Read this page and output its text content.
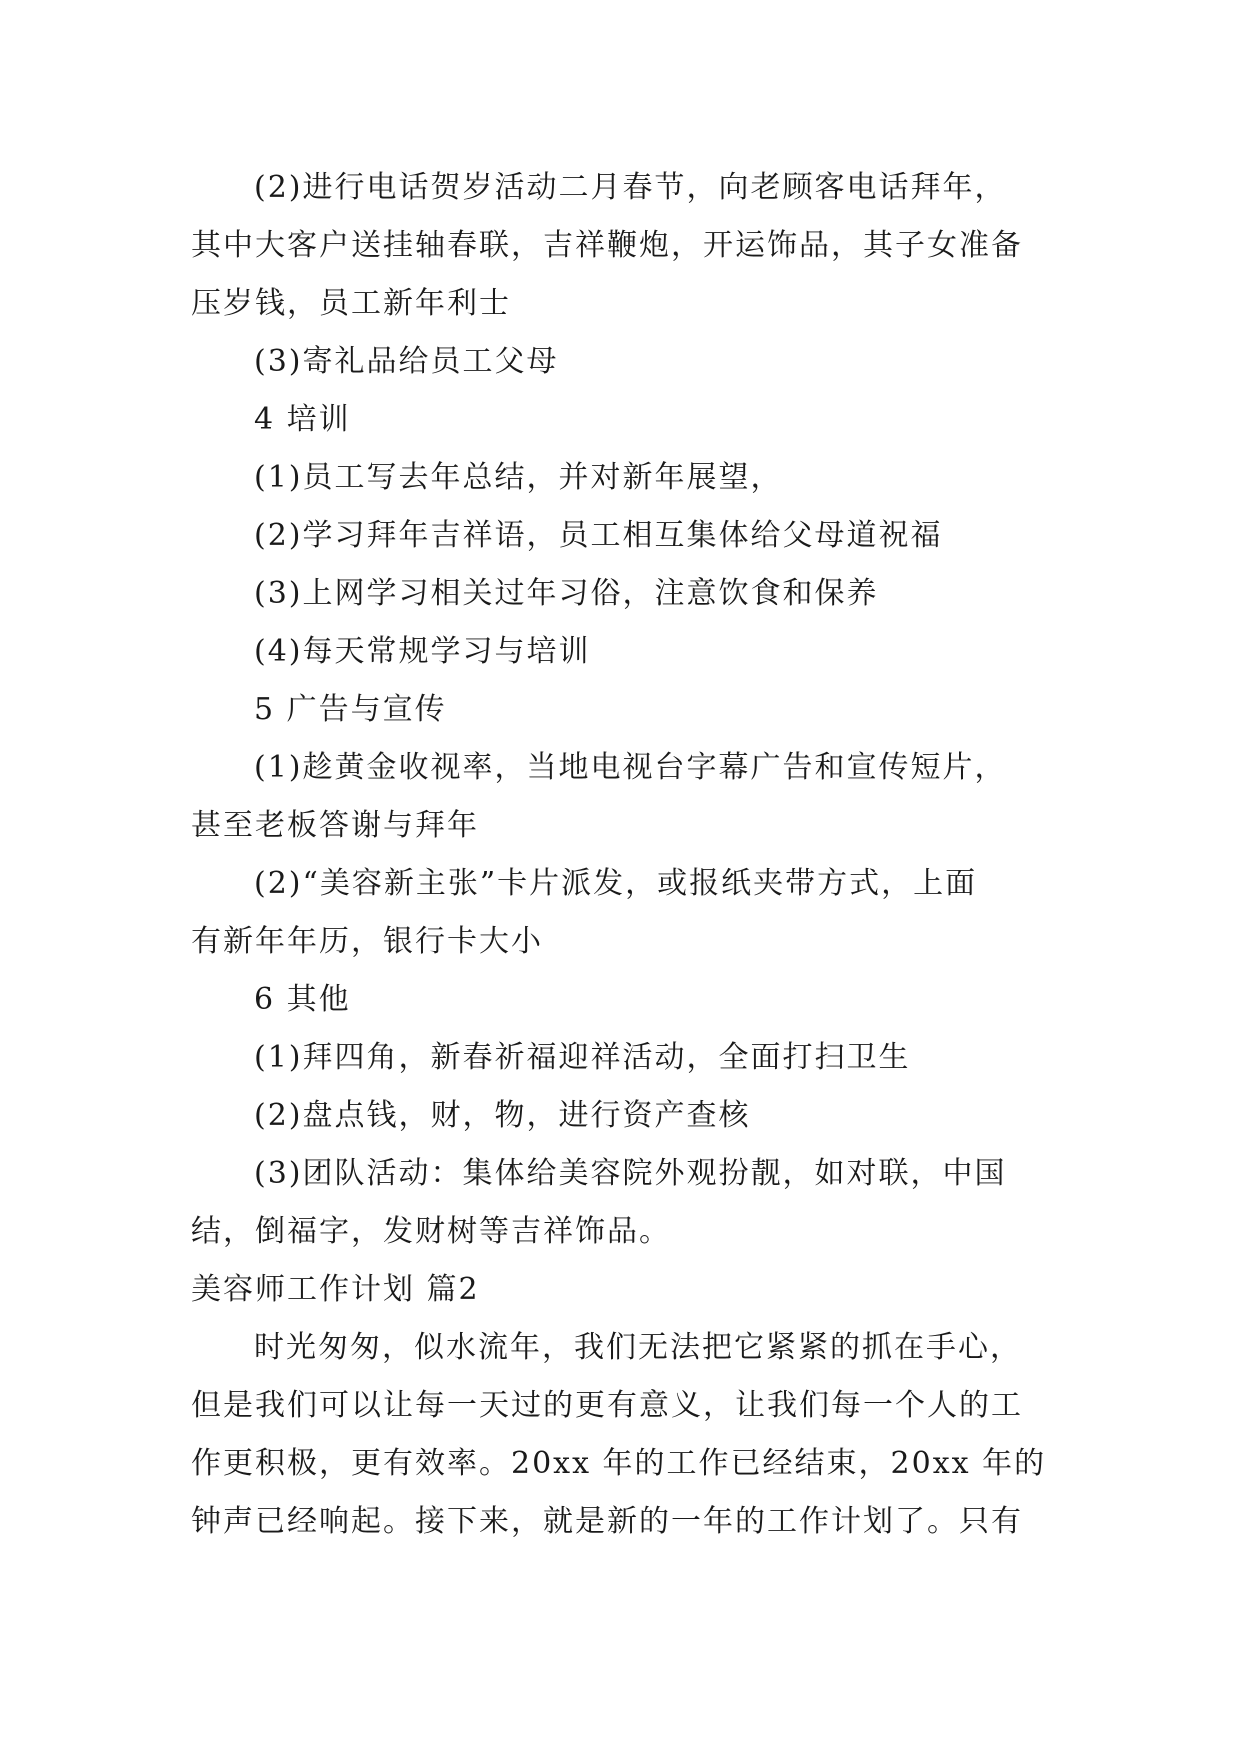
(2)进行电话贺岁活动二月春节，向老顾客电话拜年，
其中大客户送挂轴春联，吉祥鞭炮，开运饰品，其子女准备
压岁钱，员工新年利士
(3)寄礼品给员工父母
4 培训
(1)员工写去年总结，并对新年展望，
(2)学习拜年吉祥语，员工相互集体给父母道祝福
(3)上网学习相关过年习俗，注意饮食和保养
(4)每天常规学习与培训
5 广告与宣传
(1)趁黄金收视率，当地电视台字幕广告和宣传短片，
甚至老板答谢与拜年
(2)“美容新主张”卡片派发，或报纸夹带方式，上面
有新年年历，银行卡大小
6 其他
(1)拜四角，新春祈福迎祥活动，全面打扫卫生
(2)盘点钱，财，物，进行资产查核
(3)团队活动：集体给美容院外观扮靓，如对联，中国
结，倒福字，发财树等吉祥饰品。
美容师工作计划 篇2
时光匆匆，似水流年，我们无法把它紧紧的抓在手心，
但是我们可以让每一天过的更有意义，让我们每一个人的工
作更积极，更有效率。20xx 年的工作已经结束，20xx 年的
钟声已经响起。接下来，就是新的一年的工作计划了。只有
